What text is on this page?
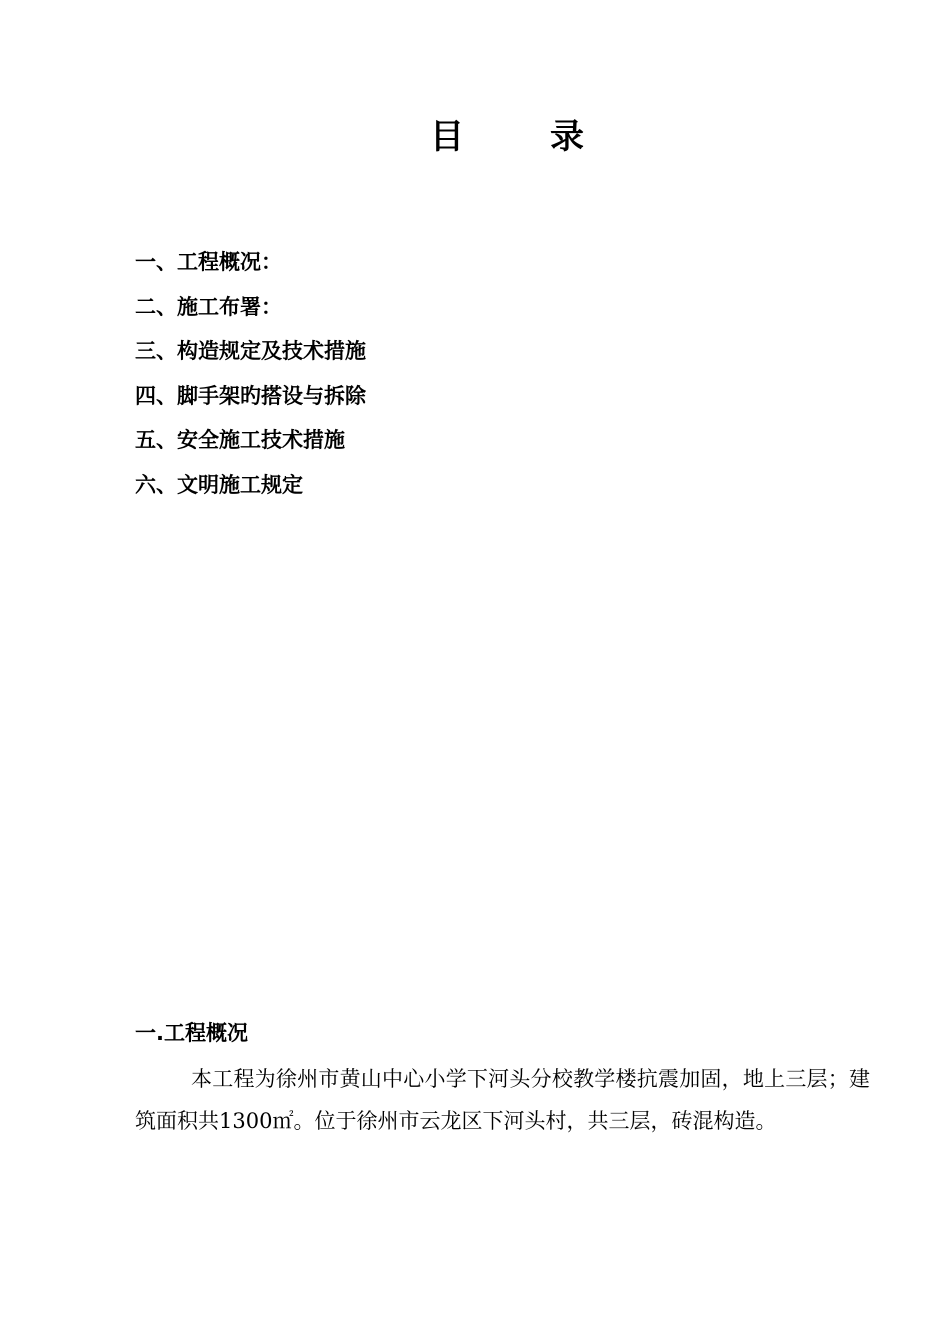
目	录
一、工程概况：
二、施工布署：
三、构造规定及技术措施
四、脚手架旳搭设与拆除
五、安全施工技术措施
六、文明施工规定
一.工程概况

本工程为徐州市黄山中心小学下河头分校教学楼抗震加固，地上三层；建筑面积共1300㎡。位于徐州市云龙区下河头村，共三层，砖混构造。
